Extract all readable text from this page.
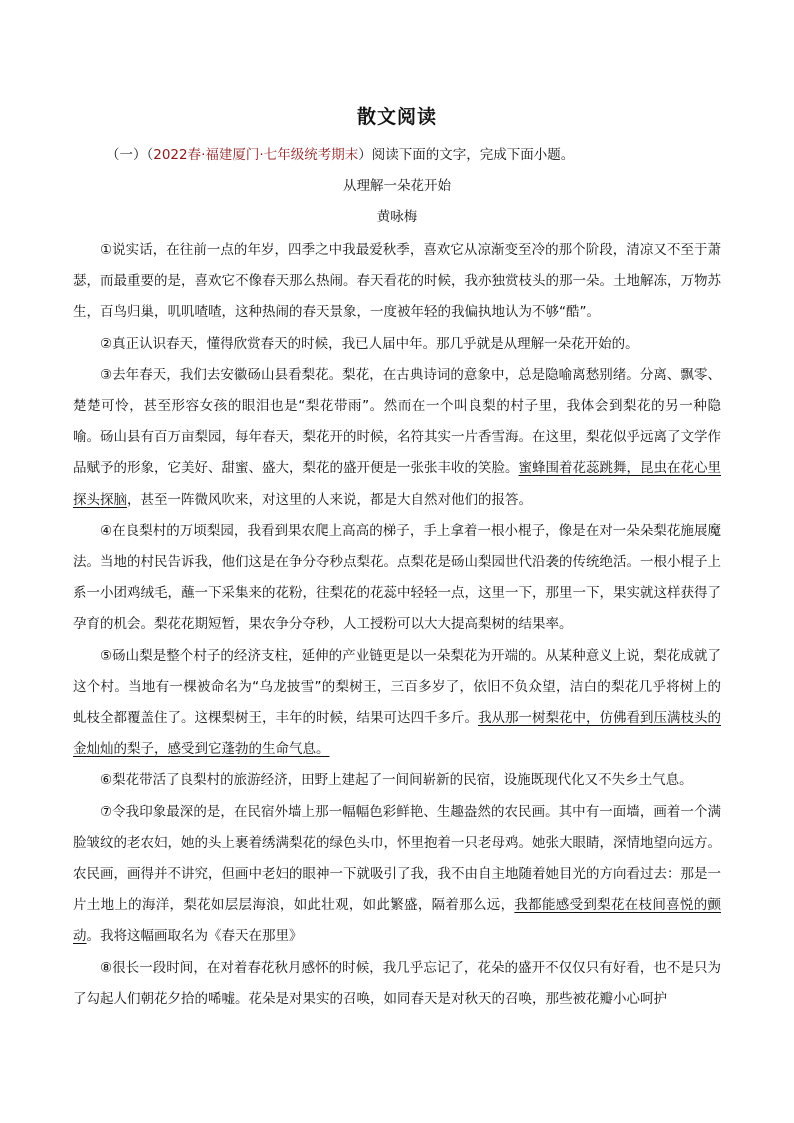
散文阅读
（一）（2022春·福建厦门·七年级统考期末）阅读下面的文字，完成下面小题。
从理解一朵花开始
黄咏梅

①说实话，在往前一点的年岁，四季之中我最爱秋季，喜欢它从凉渐变至冷的那个阶段，清凉又不至于萧瑟，而最重要的是，喜欢它不像春天那么热闹。春天看花的时候，我亦独赏枝头的那一朵。土地解冻，万物苏生，百鸟归巢，叽叽喳喳，这种热闹的春天景象，一度被年轻的我偏执地认为不够“酷”。

②真正认识春天，懂得欣赏春天的时候，我已人届中年。那几乎就是从理解一朵花开始的。

③去年春天，我们去安徽砀山县看梨花。梨花，在古典诗词的意象中，总是隐喻离愁别绪。分离、飘零、楚楚可怜，甚至形容女孩的眼泪也是“梨花带雨”。然而在一个叫良梨的村子里，我体会到梨花的另一种隐喻。砀山县有百万亩梨园，每年春天，梨花开的时候，名符其实一片香雪海。在这里，梨花似乎远离了文学作品赋予的形象，它美好、甜蜜、盛大，梨花的盛开便是一张张丰收的笑脸。蜜蜂围着花蕊跳舞，昆虫在花心里探头探脑，甚至一阵微风吹来，对这里的人来说，都是大自然对他们的报答。

④在良梨村的万顷梨园，我看到果农爬上高高的梯子，手上拿着一根小棍子，像是在对一朵朵梨花施展魔法。当地的村民告诉我，他们这是在争分夺秒点梨花。点梨花是砀山梨园世代沿袭的传统绝活。一根小棍子上系一小团鸡绒毛，蘸一下采集来的花粉，往梨花的花蕊中轻轻一点，这里一下，那里一下，果实就这样获得了孕育的机会。梨花花期短暂，果农争分夺秒，人工授粉可以大大提高梨树的结果率。

⑤砀山梨是整个村子的经济支柱，延伸的产业链更是以一朵梨花为开端的。从某种意义上说，梨花成就了这个村。当地有一棵被命名为“乌龙披雪”的梨树王，三百多岁了，依旧不负众望，洁白的梨花几乎将树上的虬枝全都覆盖住了。这棵梨树王，丰年的时候，结果可达四千多斤。我从那一树梨花中，仿佛看到压满枝头的金灿灿的梨子，感受到它蓬勃的生命气息。

⑥梨花带活了良梨村的旅游经济，田野上建起了一间间崭新的民宿，设施既现代化又不失乡土气息。

⑦令我印象最深的是，在民宿外墙上那一幅幅色彩鲜艳、生趣盎然的农民画。其中有一面墙，画着一个满脸皱纹的老农妇，她的头上裹着绣满梨花的绿色头巾，怀里抱着一只老母鸡。她张大眼睛，深情地望向远方。农民画，画得并不讲究，但画中老妇的眼神一下就吸引了我，我不由自主地随着她目光的方向看过去：那是一片土地上的海洋，梨花如层层海浪，如此壮观，如此繁盛，隔着那么远，我都能感受到梨花在枝间喜悦的颤动。我将这幅画取名为《春天在那里》

⑧很长一段时间，在对着春花秋月感怀的时候，我几乎忘记了，花朵的盛开不仅仅只有好看，也不是只为了勾起人们朝花夕拾的唏嘘。花朵是对果实的召唤，如同春天是对秋天的召唤，那些被花瓣小心呵护
